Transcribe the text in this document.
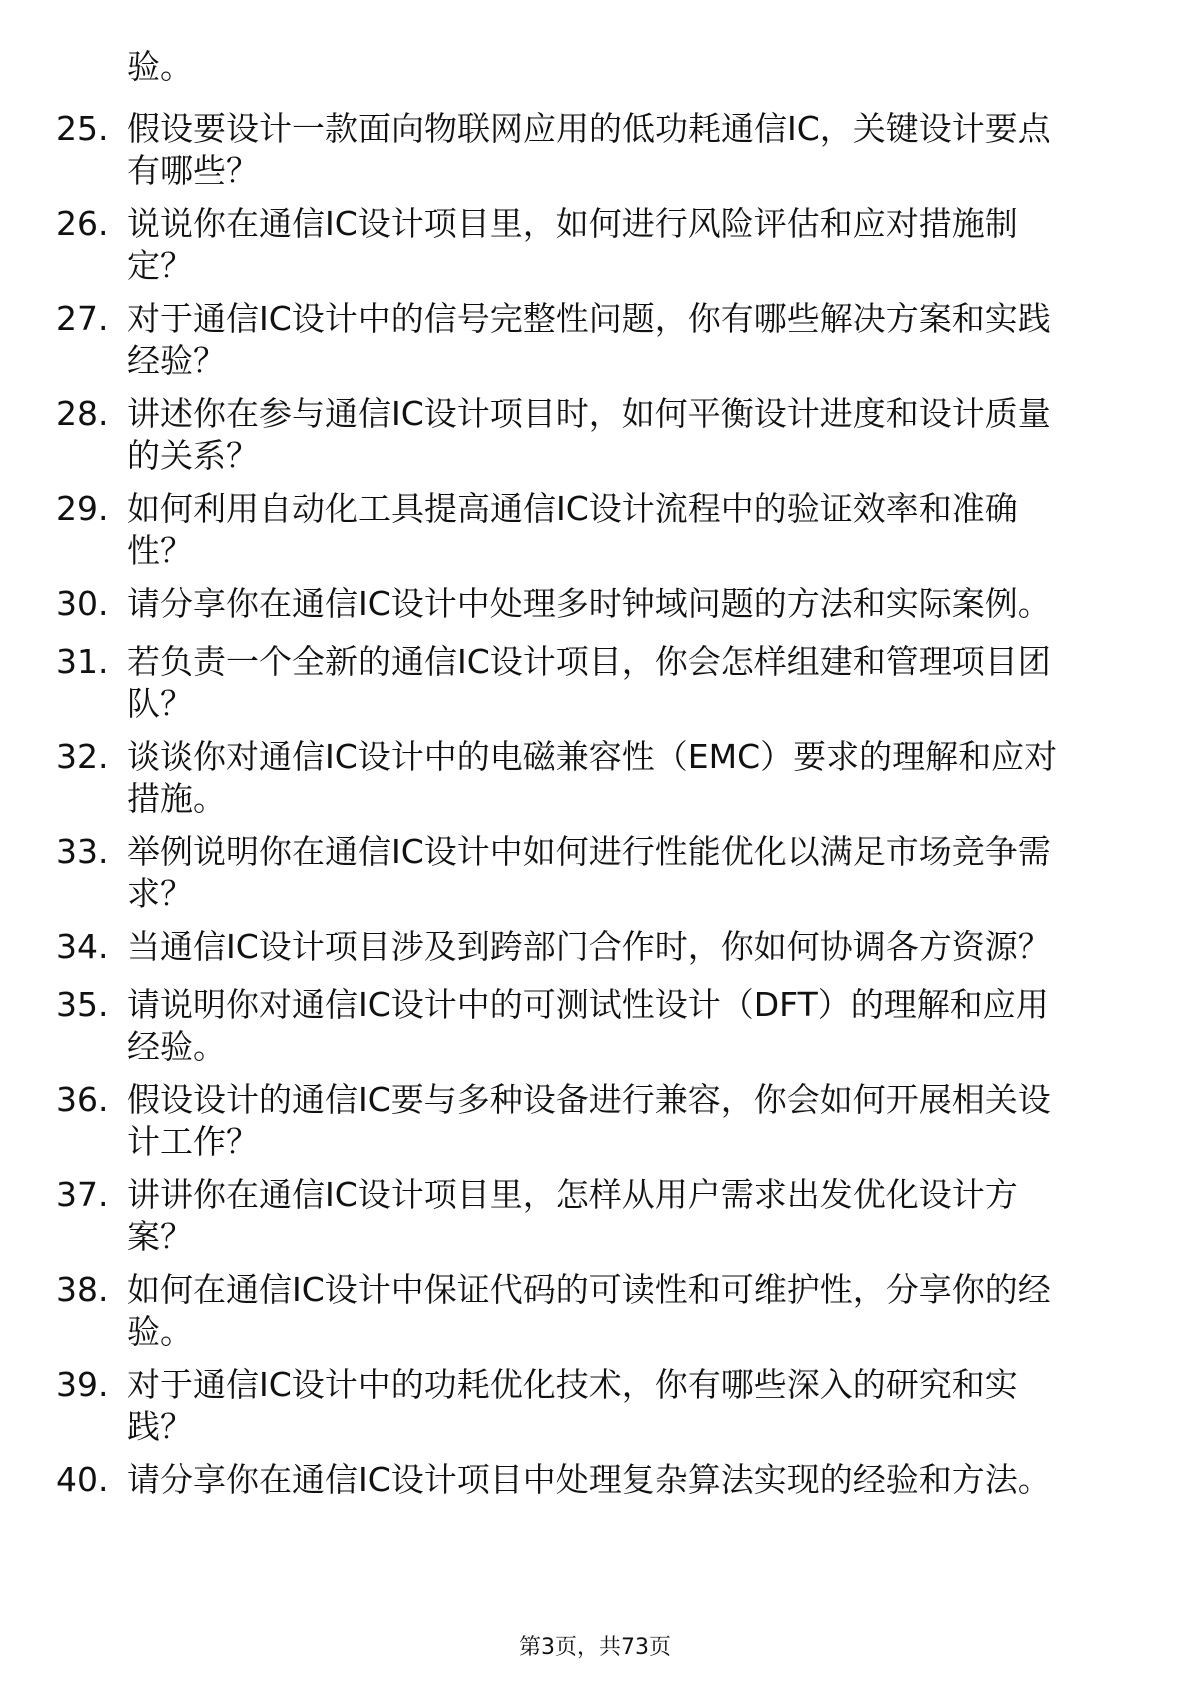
验。
25. 假设要设计一款面向物联网应用的低功耗通信IC，关键设计要点
有哪些？
26. 说说你在通信IC设计项目里，如何进行风险评估和应对措施制
定？
27. 对于通信IC设计中的信号完整性问题，你有哪些解决方案和实践
经验？
28. 讲述你在参与通信IC设计项目时，如何平衡设计进度和设计质量
的关系？
29. 如何利用自动化工具提高通信IC设计流程中的验证效率和准确
性？
30. 请分享你在通信IC设计中处理多时钟域问题的方法和实际案例。
31. 若负责一个全新的通信IC设计项目，你会怎样组建和管理项目团
队？
32. 谈谈你对通信IC设计中的电磁兼容性（EMC）要求的理解和应对
措施。
33. 举例说明你在通信IC设计中如何进行性能优化以满足市场竞争需
求？
34. 当通信IC设计项目涉及到跨部门合作时，你如何协调各方资源？
35. 请说明你对通信IC设计中的可测试性设计（DFT）的理解和应用
经验。
36. 假设设计的通信IC要与多种设备进行兼容，你会如何开展相关设
计工作？
37. 讲讲你在通信IC设计项目里，怎样从用户需求出发优化设计方
案？
38. 如何在通信IC设计中保证代码的可读性和可维护性，分享你的经
验。
39. 对于通信IC设计中的功耗优化技术，你有哪些深入的研究和实
践？
40. 请分享你在通信IC设计项目中处理复杂算法实现的经验和方法。
第3页，共73页
